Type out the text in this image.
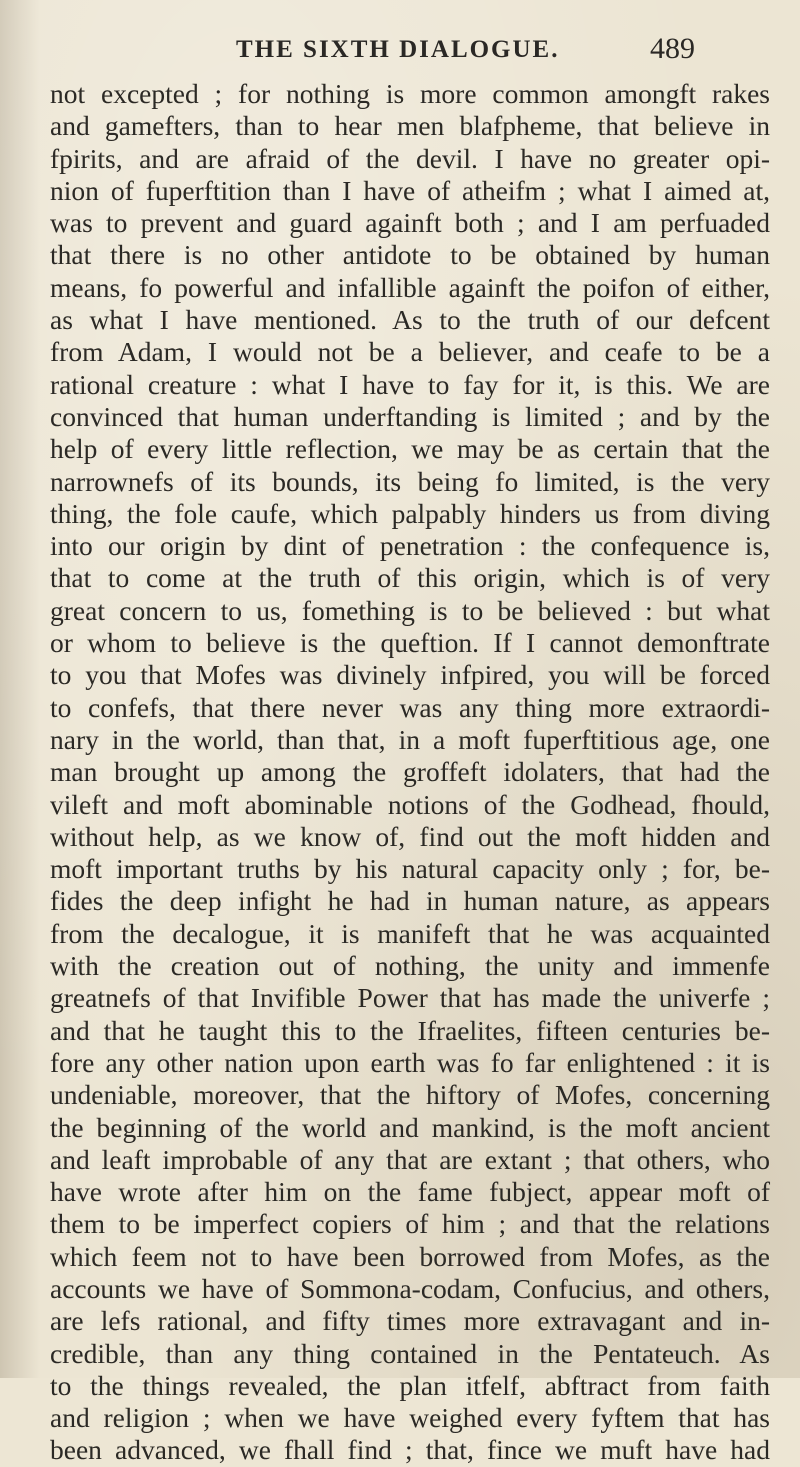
THE SIXTH DIALOGUE.	489
not excepted ; for nothing is more common amongft rakes
and gamefters, than to hear men blafpheme, that believe in
fpirits, and are afraid of the devil. I have no greater opi-
nion of fuperftition than I have of atheifm ; what I aimed at,
was to prevent and guard againft both ; and I am perfuaded
that there is no other antidote to be obtained by human
means, fo powerful and infallible againft the poifon of either,
as what I have mentioned. As to the truth of our defcent
from Adam, I would not be a believer, and ceafe to be a
rational creature : what I have to fay for it, is this. We are
convinced that human underftanding is limited ; and by the
help of every little reflection, we may be as certain that the
narrownefs of its bounds, its being fo limited, is the very
thing, the fole caufe, which palpably hinders us from diving
into our origin by dint of penetration : the confequence is,
that to come at the truth of this origin, which is of very
great concern to us, fomething is to be believed : but what
or whom to believe is the queftion. If I cannot demonftrate
to you that Mofes was divinely infpired, you will be forced
to confefs, that there never was any thing more extraordi-
nary in the world, than that, in a moft fuperftitious age, one
man brought up among the groffeft idolaters, that had the
vileft and moft abominable notions of the Godhead, fhould,
without help, as we know of, find out the moft hidden and
moft important truths by his natural capacity only ; for, be-
fides the deep infight he had in human nature, as appears
from the decalogue, it is manifeft that he was acquainted
with the creation out of nothing, the unity and immenfe
greatnefs of that Invifible Power that has made the univerfe ;
and that he taught this to the Ifraelites, fifteen centuries be-
fore any other nation upon earth was fo far enlightened : it is
undeniable, moreover, that the hiftory of Mofes, concerning
the beginning of the world and mankind, is the moft ancient
and leaft improbable of any that are extant ; that others, who
have wrote after him on the fame fubject, appear moft of
them to be imperfect copiers of him ; and that the relations
which feem not to have been borrowed from Mofes, as the
accounts we have of Sommona-codam, Confucius, and others,
are lefs rational, and fifty times more extravagant and in-
credible, than any thing contained in the Pentateuch. As
to the things revealed, the plan itfelf, abftract from faith
and religion ; when we have weighed every fyftem that has
been advanced, we fhall find ; that, fince we muft have had
